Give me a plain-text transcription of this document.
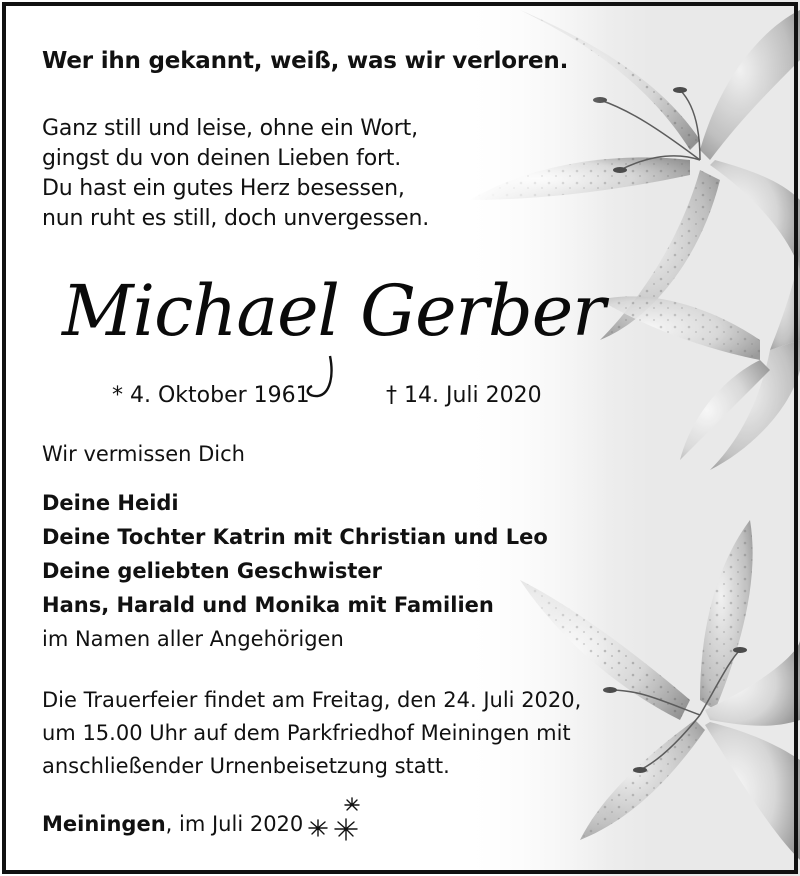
Wer ihn gekannt, weiß, was wir verloren.
Ganz still und leise, ohne ein Wort,
gingst du von deinen Lieben fort.
Du hast ein gutes Herz besessen,
nun ruht es still, doch unvergessen.
Michael Gerber
* 4. Oktober 1961	† 14. Juli 2020
Wir vermissen Dich
Deine Heidi
Deine Tochter Katrin mit Christian und Leo
Deine geliebten Geschwister
Hans, Harald und Monika mit Familien
im Namen aller Angehörigen
Die Trauerfeier findet am Freitag, den 24. Juli 2020,
um 15.00 Uhr auf dem Parkfriedhof Meiningen mit
anschließender Urnenbeisetzung statt.
Meiningen, im Juli 2020
